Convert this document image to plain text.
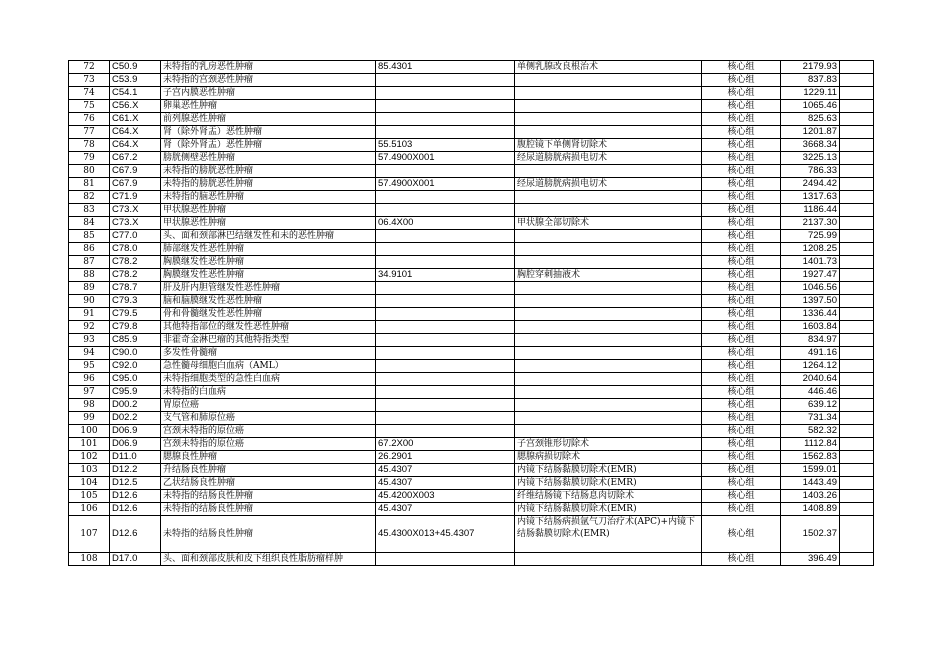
72	C50.9	未特指的乳房恶性肿瘤	85.4301	单侧乳腺改良根治术	核心组	2179.93	
73	C53.9	未特指的宫颈恶性肿瘤			核心组	837.83	
74	C54.1	子宫内膜恶性肿瘤			核心组	1229.11	
75	C56.X	卵巢恶性肿瘤			核心组	1065.46	
76	C61.X	前列腺恶性肿瘤			核心组	825.63	
77	C64.X	肾（除外肾盂）恶性肿瘤			核心组	1201.87	
78	C64.X	肾（除外肾盂）恶性肿瘤	55.5103	腹腔镜下单侧肾切除术	核心组	3668.34	
79	C67.2	膀胱侧壁恶性肿瘤	57.4900X001	经尿道膀胱病损电切术	核心组	3225.13	
80	C67.9	未特指的膀胱恶性肿瘤			核心组	786.33	
81	C67.9	未特指的膀胱恶性肿瘤	57.4900X001	经尿道膀胱病损电切术	核心组	2494.42	
82	C71.9	未特指的脑恶性肿瘤			核心组	1317.63	
83	C73.X	甲状腺恶性肿瘤			核心组	1186.44	
84	C73.X	甲状腺恶性肿瘤	06.4X00	甲状腺全部切除术	核心组	2137.30	
85	C77.0	头、面和颈部淋巴结继发性和未的恶性肿瘤			核心组	725.99	
86	C78.0	肺部继发性恶性肿瘤			核心组	1208.25	
87	C78.2	胸膜继发性恶性肿瘤			核心组	1401.73	
88	C78.2	胸膜继发性恶性肿瘤	34.9101	胸腔穿刺抽液术	核心组	1927.47	
89	C78.7	肝及肝内胆管继发性恶性肿瘤			核心组	1046.56	
90	C79.3	脑和脑膜继发性恶性肿瘤			核心组	1397.50	
91	C79.5	骨和骨髓继发性恶性肿瘤			核心组	1336.44	
92	C79.8	其他特指部位的继发性恶性肿瘤			核心组	1603.84	
93	C85.9	非霍奇金淋巴瘤的其他特指类型			核心组	834.97	
94	C90.0	多发性骨髓瘤			核心组	491.16	
95	C92.0	急性髓母细胞白血病（AML）			核心组	1264.12	
96	C95.0	未特指细胞类型的急性白血病			核心组	2040.64	
97	C95.9	未特指的白血病			核心组	446.46	
98	D00.2	胃原位癌			核心组	639.12	
99	D02.2	支气管和肺原位癌			核心组	731.34	
100	D06.9	宫颈未特指的原位癌			核心组	582.32	
101	D06.9	宫颈未特指的原位癌	67.2X00	子宫颈锥形切除术	核心组	1112.84	
102	D11.0	腮腺良性肿瘤	26.2901	腮腺病损切除术	核心组	1562.83	
103	D12.2	升结肠良性肿瘤	45.4307	内镜下结肠黏膜切除术(EMR)	核心组	1599.01	
104	D12.5	乙状结肠良性肿瘤	45.4307	内镜下结肠黏膜切除术(EMR)	核心组	1443.49	
105	D12.6	未特指的结肠良性肿瘤	45.4200X003	纤维结肠镜下结肠息肉切除术	核心组	1403.26	
106	D12.6	未特指的结肠良性肿瘤	45.4307	内镜下结肠黏膜切除术(EMR)	核心组	1408.89	
107	D12.6	未特指的结肠良性肿瘤	45.4300X013+45.4307	内镜下结肠病损氩气刀治疗术(APC)+内镜下结肠黏膜切除术(EMR)	核心组	1502.37	
108	D17.0	头、面和颈部皮肤和皮下组织良性脂肪瘤样肿			核心组	396.49	
